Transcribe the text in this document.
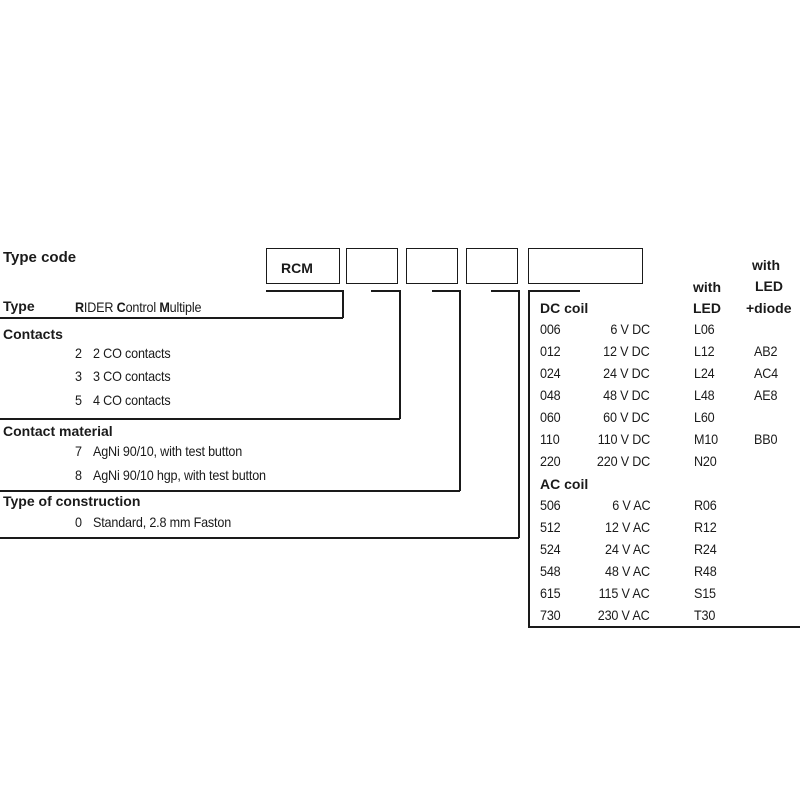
Type code
RCM
Type	RIDER Control Multiple
Contacts
2 2 CO contacts
3 3 CO contacts
5 4 CO contacts
Contact material
7 AgNi 90/10, with test button
8 AgNi 90/10 hgp, with test button
Type of construction
0 Standard, 2.8 mm Faston
with
LED
with
LED
+diode
DC coil
006	6 V DC	L06
012	12 V DC	L12	AB2
024	24 V DC	L24	AC4
048	48 V DC	L48	AE8
060	60 V DC	L60
110	110 V DC	M10	BB0
220	220 V DC	N20
AC coil
506	6 V AC	R06
512	12 V AC	R12
524	24 V AC	R24
548	48 V AC	R48
615	115 V AC	S15
730	230 V AC	T30
